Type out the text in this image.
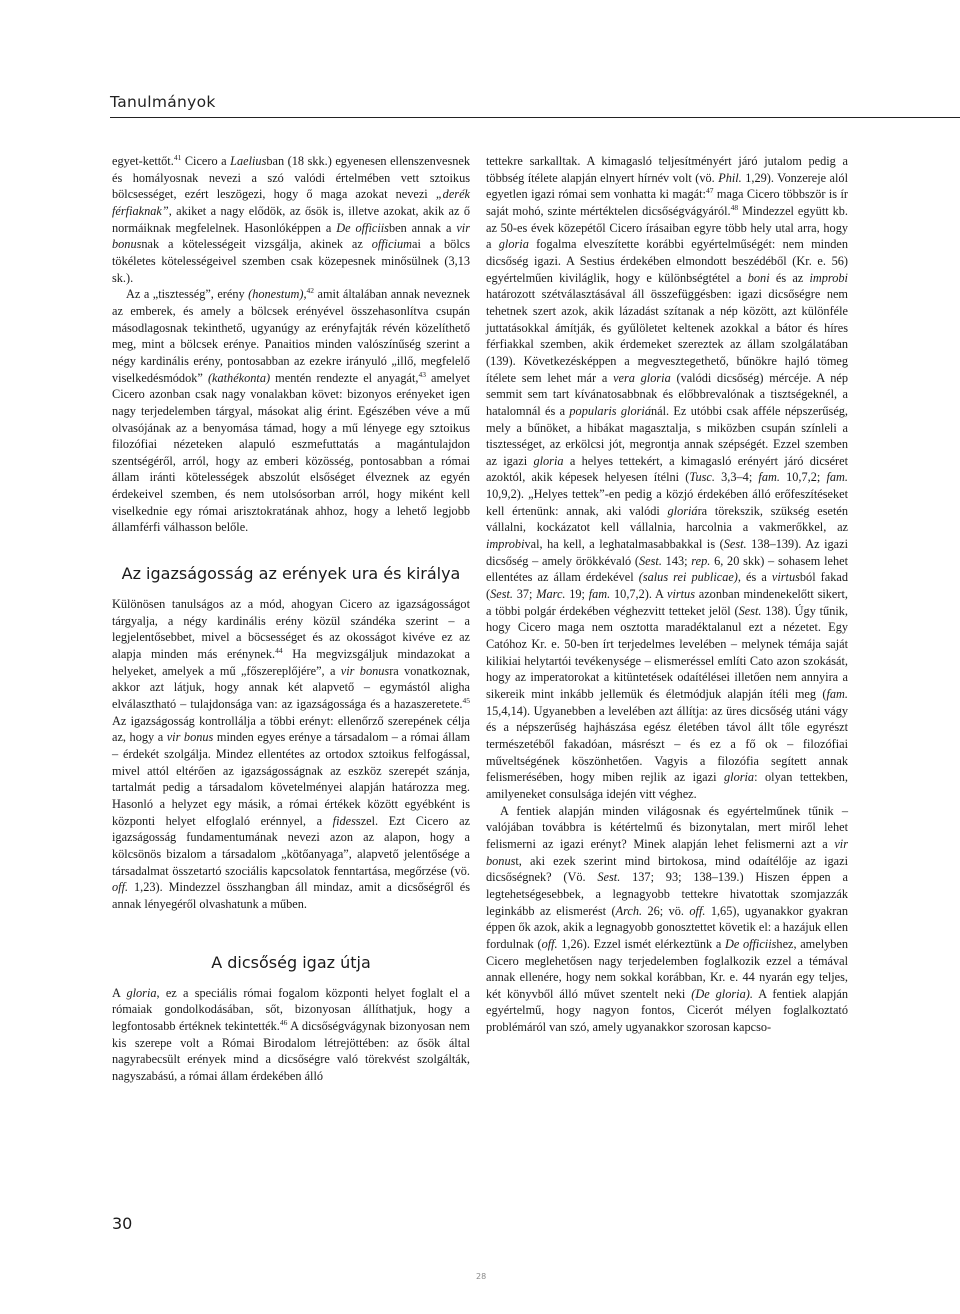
Tanulmányok

egyet-kettőt.$^{41}$ Cicero a Laeliusban (18 skk.) egyenesen ellenszenvesnek és homályosnak nevezi a szó valódi értelmében vett sztoikus bölcsességet, ezért leszögezi, hogy ő maga azokat nevezi „derék férfiaknak”, akiket a nagy elődök, az ősök is, illetve azokat, akik az ő normáiknak megfelelnek. Hasonlóképpen a De officiisben annak a vir bonusnak a kötelességeit vizsgálja, akinek az officiumai a bölcs tökéletes kötelességeivel szemben csak közepesnek minősülnek (3,13 sk.).

Az a „tisztesség”, erény (honestum),$^{42}$ amit általában annak neveznek az emberek, és amely a bölcsek erényével összehasonlítva csupán másodlagosnak tekinthető, ugyanúgy az erényfajták révén közelíthető meg, mint a bölcsek erénye. Panaitios minden valószínűség szerint a négy kardinális erény, pontosabban az ezekre irányuló „illő, megfelelő viselkedésmódok” (kathékonta) mentén rendezte el anyagát,$^{43}$ amelyet Cicero azonban csak nagy vonalakban követ: bizonyos erényeket igen nagy terjedelemben tárgyal, másokat alig érint. Egészében véve a mű olvasójának az a benyomása támad, hogy a mű lényege egy sztoikus filozófiai nézeteken alapuló eszmefuttatás a magántulajdon szentségéről, arról, hogy az emberi közösség, pontosabban a római állam iránti kötelességek abszolút elsőséget élveznek az egyén érdekeivel szemben, és nem utolsósorban arról, hogy miként kell viselkednie egy római arisztokratának ahhoz, hogy a lehető legjobb államférfi válhasson belőle.

Az igazságosság az erények ura és királya

Különösen tanulságos az a mód, ahogyan Cicero az igazságosságot tárgyalja, a négy kardinális erény közül szándéka szerint – a legjelentősebbet, mivel a böcsességet és az okosságot kivéve ez az alapja minden más erénynek.$^{44}$ Ha megvizsgáljuk mindazokat a helyeket, amelyek a mű „főszereplőjére”, a vir bonusra vonatkoznak, akkor azt látjuk, hogy annak két alapvető – egymástól aligha elválasztható – tulajdonsága van: az igazságossága és a hazaszeretete.$^{45}$ Az igazságosság kontrollálja a többi erényt: ellenőrző szerepének célja az, hogy a vir bonus minden egyes erénye a társadalom – a római állam – érdekét szolgálja. Mindez ellentétes az ortodox sztoikus felfogással, mivel attól eltérően az igazságosságnak az eszköz szerepét szánja, tartalmát pedig a társadalom követelményei alapján határozza meg. Hasonló a helyzet egy másik, a római értékek között egyébként is központi helyet elfoglaló erénnyel, a fidesszel. Ezt Cicero az igazságosság fundamentumának nevezi azon az alapon, hogy a kölcsönös bizalom a társadalom „kötőanyaga”, alapvető jelentősége a társadalmat összetartó szociális kapcsolatok fenntartása, megőrzése (vö. off. 1,23). Mindezzel összhangban áll mindaz, amit a dicsőségről és annak lényegéről olvashatunk a műben.

A dicsőség igaz útja

A gloria, ez a speciális római fogalom központi helyet foglalt el a rómaiak gondolkodásában, sőt, bizonyosan állíthatjuk, hogy a legfontosabb értéknek tekintették.$^{46}$ A dicsőségvágynak bizonyosan nem kis szerepe volt a Római Birodalom létrejöttében: az ősök által nagyrabecsült erények mind a dicsőségre való törekvést szolgálták, nagyszabású, a római állam érdekében álló

tettekre sarkalltak. A kimagasló teljesítményért járó jutalom pedig a többség ítélete alapján elnyert hírnév volt (vö. Phil. 1,29). Vonzereje alól egyetlen igazi római sem vonhatta ki magát:$^{47}$ maga Cicero többször is ír saját mohó, szinte mértéktelen dicsőségvágyáról.$^{48}$ Mindezzel együtt kb. az 50-es évek közepétől Cicero írásaiban egyre több hely utal arra, hogy a gloria fogalma elveszítette korábbi egyértelműségét: nem minden dicsőség igazi. A Sestius érdekében elmondott beszédéből (Kr. e. 56) egyértelműen kiviláglik, hogy e különbségtétel a boni és az improbi határozott szétválasztásával áll összefüggésben: igazi dicsőségre nem tehetnek szert azok, akik lázadást szítanak a nép között, azt különféle juttatásokkal ámítják, és gyűlöletet keltenek azokkal a bátor és híres férfiakkal szemben, akik érdemeket szereztek az állam szolgálatában (139). Következésképpen a megvesztegethető, bűnökre hajló tömeg ítélete sem lehet már a vera gloria (valódi dicsőség) mércéje. A nép semmit sem tart kívánatosabbnak és előbbrevalónak a tisztségeknél, a hatalomnál és a popularis gloriánál. Ez utóbbi csak afféle népszerűség, mely a bűnöket, a hibákat magasztalja, s miközben csupán színleli a tisztességet, az erkölcsi jót, megrontja annak szépségét. Ezzel szemben az igazi gloria a helyes tettekért, a kimagasló erényért járó dicséret azoktól, akik képesek helyesen ítélni (Tusc. 3,3–4; fam. 10,7,2; fam. 10,9,2). „Helyes tettek”-en pedig a közjó érdekében álló erőfeszítéseket kell értenünk: annak, aki valódi gloriára törekszik, szükség esetén vállalni, kockázatot kell vállalnia, harcolnia a vakmerőkkel, az improbival, ha kell, a leghatalmasabbakkal is (Sest. 138–139). Az igazi dicsőség – amely örökkévaló (Sest. 143; rep. 6, 20 skk) – sohasem lehet ellentétes az állam érdekével (salus rei publicae), és a virtusból fakad (Sest. 37; Marc. 19; fam. 10,7,2). A virtus azonban mindenekelőtt sikert, a többi polgár érdekében véghezvitt tetteket jelöl (Sest. 138). Úgy tűnik, hogy Cicero maga nem osztotta maradéktalanul ezt a nézetet. Egy Catóhoz Kr. e. 50-ben írt terjedelmes levelében – melynek témája saját kilikiai helytartói tevékenysége – elismeréssel említi Cato azon szokását, hogy az imperatorokat a kitüntetések odaítélései illetően nem annyira a sikereik mint inkább jellemük és életmódjuk alapján ítéli meg (fam. 15,4,14). Ugyanebben a levelében azt állítja: az üres dicsőség utáni vágy és a népszerűség hajhászása egész életében távol állt tőle egyrészt természetéből fakadóan, másrészt – és ez a fő ok – filozófiai műveltségének köszönhetően. Vagyis a filozófia segített annak felismerésében, hogy miben rejlik az igazi gloria: olyan tettekben, amilyeneket consulsága idején vitt véghez.

A fentiek alapján minden világosnak és egyértelműnek tűnik – valójában továbbra is kétértelmű és bizonytalan, mert miről lehet felismerni az igazi erényt? Minek alapján lehet felismerni azt a vir bonust, aki ezek szerint mind birtokosa, mind odaítélője az igazi dicsőségnek? (Vö. Sest. 137; 93; 138–139.) Hiszen éppen a legtehetségesebbek, a legnagyobb tettekre hivatottak szomjazzák leginkább az elismerést (Arch. 26; vö. off. 1,65), ugyanakkor gyakran éppen ők azok, akik a legnagyobb gonosztettet követik el: a hazájuk ellen fordulnak (off. 1,26). Ezzel ismét elérkeztünk a De officiishez, amelyben Cicero meglehetősen nagy terjedelemben foglalkozik ezzel a témával annak ellenére, hogy nem sokkal korábban, Kr. e. 44 nyarán egy teljes, két könyvből álló művet szentelt neki (De gloria). A fentiek alapján egyértelmű, hogy nagyon fontos, Cicerót mélyen foglalkoztató problémáról van szó, amely ugyanakkor szorosan kapcso-

30

28
